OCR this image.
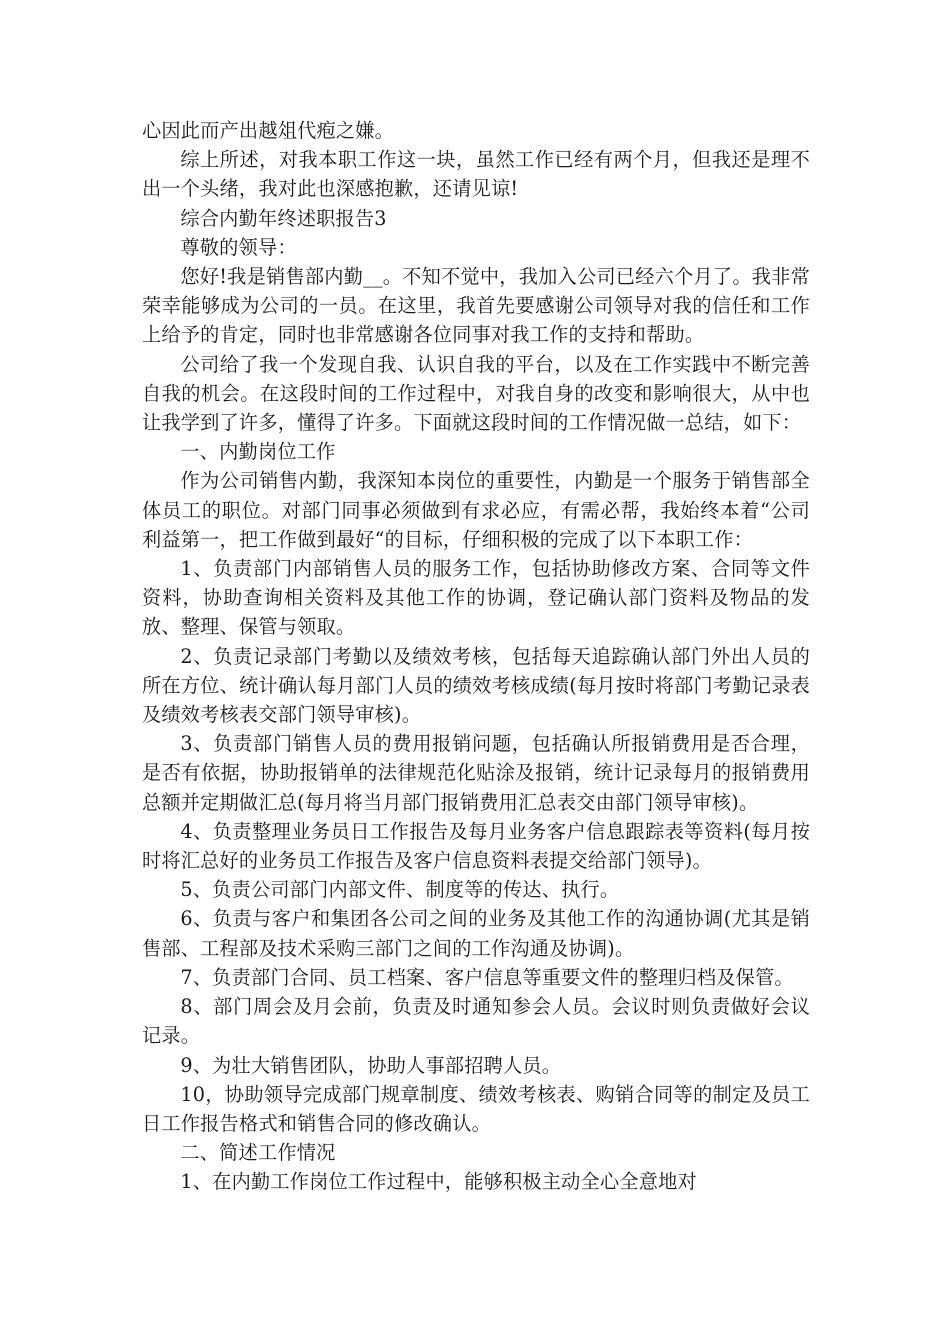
心因此而产出越俎代疱之嫌。

综上所述，对我本职工作这一块，虽然工作已经有两个月，但我还是理不出一个头绪，我对此也深感抱歉，还请见谅!

综合内勤年终述职报告3

尊敬的领导：

您好!我是销售部内勤__。不知不觉中，我加入公司已经六个月了。我非常荣幸能够成为公司的一员。在这里，我首先要感谢公司领导对我的信任和工作上给予的肯定，同时也非常感谢各位同事对我工作的支持和帮助。

公司给了我一个发现自我、认识自我的平台，以及在工作实践中不断完善自我的机会。在这段时间的工作过程中，对我自身的改变和影响很大，从中也让我学到了许多，懂得了许多。下面就这段时间的工作情况做一总结，如下：

一、内勤岗位工作

作为公司销售内勤，我深知本岗位的重要性，内勤是一个服务于销售部全体员工的职位。对部门同事必须做到有求必应，有需必帮，我始终本着“公司利益第一，把工作做到最好“的目标，仔细积极的完成了以下本职工作：

1、负责部门内部销售人员的服务工作，包括协助修改方案、合同等文件资料，协助查询相关资料及其他工作的协调，登记确认部门资料及物品的发放、整理、保管与领取。

2、负责记录部门考勤以及绩效考核，包括每天追踪确认部门外出人员的所在方位、统计确认每月部门人员的绩效考核成绩(每月按时将部门考勤记录表及绩效考核表交部门领导审核)。

3、负责部门销售人员的费用报销问题，包括确认所报销费用是否合理，是否有依据，协助报销单的法律规范化贴涂及报销，统计记录每月的报销费用总额并定期做汇总(每月将当月部门报销费用汇总表交由部门领导审核)。

4、负责整理业务员日工作报告及每月业务客户信息跟踪表等资料(每月按时将汇总好的业务员工作报告及客户信息资料表提交给部门领导)。

5、负责公司部门内部文件、制度等的传达、执行。

6、负责与客户和集团各公司之间的业务及其他工作的沟通协调(尤其是销售部、工程部及技术采购三部门之间的工作沟通及协调)。

7、负责部门合同、员工档案、客户信息等重要文件的整理归档及保管。

8、部门周会及月会前，负责及时通知参会人员。会议时则负责做好会议记录。

9、为壮大销售团队，协助人事部招聘人员。

10，协助领导完成部门规章制度、绩效考核表、购销合同等的制定及员工日工作报告格式和销售合同的修改确认。

二、简述工作情况

1、在内勤工作岗位工作过程中，能够积极主动全心全意地对
